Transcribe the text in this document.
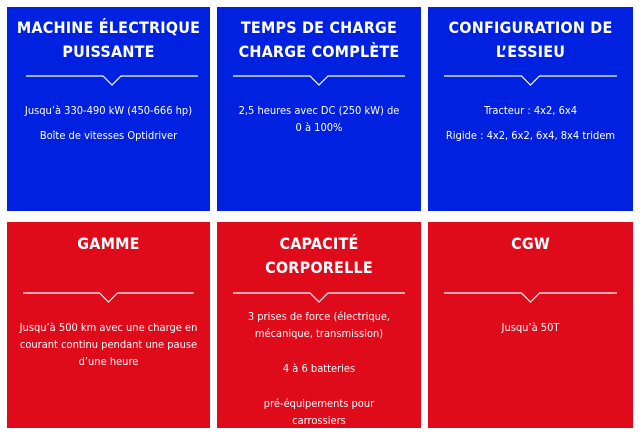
MACHINE ÉLECTRIQUE PUISSANTE

Jusqu’à 330-490 kW (450-666 hp)

Boîte de vitesses Optidriver

TEMPS DE CHARGE CHARGE COMPLÈTE

2,5 heures avec DC (250 kW) de 0 à 100%

CONFIGURATION DE L’ESSIEU

Tracteur : 4x2, 6x4

Rigide : 4x2, 6x2, 6x4, 8x4 tridem

GAMME

Jusqu’à 500 km avec une charge en courant continu pendant une pause d’une heure

CAPACITÉ CORPORELLE

3 prises de force (électrique, mécanique, transmission)

4 à 6 batteries

pré-équipements pour carrossiers

CGW

Jusqu’à 50T
